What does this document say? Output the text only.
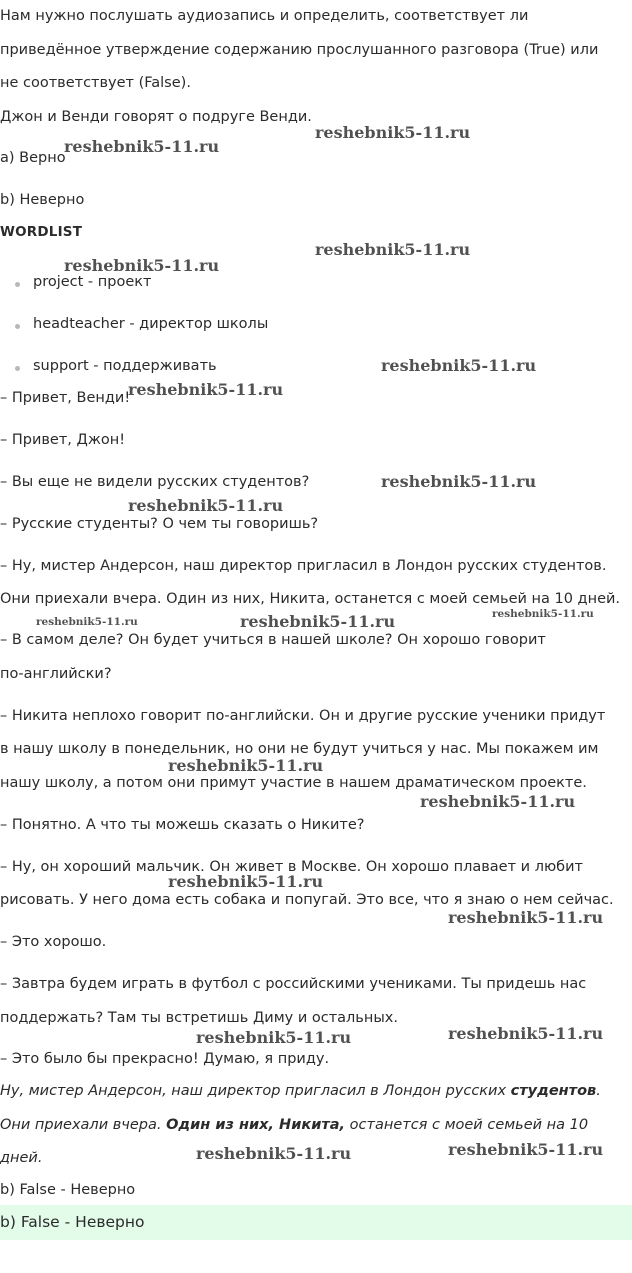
Нам нужно послушать аудиозапись и определить, соответствует ли
приведённое утверждение содержанию прослушанного разговора (True) или
не соответствует (False).
Джон и Венди говорят о подруге Венди.
a) Верно
b) Неверно
WORDLIST
project - проект
headteacher - директор школы
support - поддерживать
– Привет, Венди!
– Привет, Джон!
– Вы еще не видели русских студентов?
– Русские студенты? О чем ты говоришь?
– Ну, мистер Андерсон, наш директор пригласил в Лондон русских студентов.
Они приехали вчера. Один из них, Никита, останется с моей семьей на 10 дней.
– В самом деле? Он будет учиться в нашей школе? Он хорошо говорит
по-английски?
– Никита неплохо говорит по-английски. Он и другие русские ученики придут
в нашу школу в понедельник, но они не будут учиться у нас. Мы покажем им
нашу школу, а потом они примут участие в нашем драматическом проекте.
– Понятно. А что ты можешь сказать о Никите?
– Ну, он хороший мальчик. Он живет в Москве. Он хорошо плавает и любит
рисовать. У него дома есть собака и попугай. Это все, что я знаю о нем сейчас.
– Это хорошо.
– Завтра будем играть в футбол с российскими учениками. Ты придешь нас
поддержать? Там ты встретишь Диму и остальных.
– Это было бы прекрасно! Думаю, я приду.
Ну, мистер Андерсон, наш директор пригласил в Лондон русских студентов.
Они приехали вчера. Один из них, Никита, останется с моей семьей на 10
дней.
b) False - Неверно
b) False - Неверно
reshebnik5-11.ru
reshebnik5-11.ru
reshebnik5-11.ru
reshebnik5-11.ru
reshebnik5-11.ru
reshebnik5-11.ru
reshebnik5-11.ru
reshebnik5-11.ru
reshebnik5-11.ru
reshebnik5-11.ru	reshebnik5-11.ru
reshebnik5-11.ru
reshebnik5-11.ru
reshebnik5-11.ru
reshebnik5-11.ru
reshebnik5-11.ru	reshebnik5-11.ru
reshebnik5-11.ru	reshebnik5-11.ru
